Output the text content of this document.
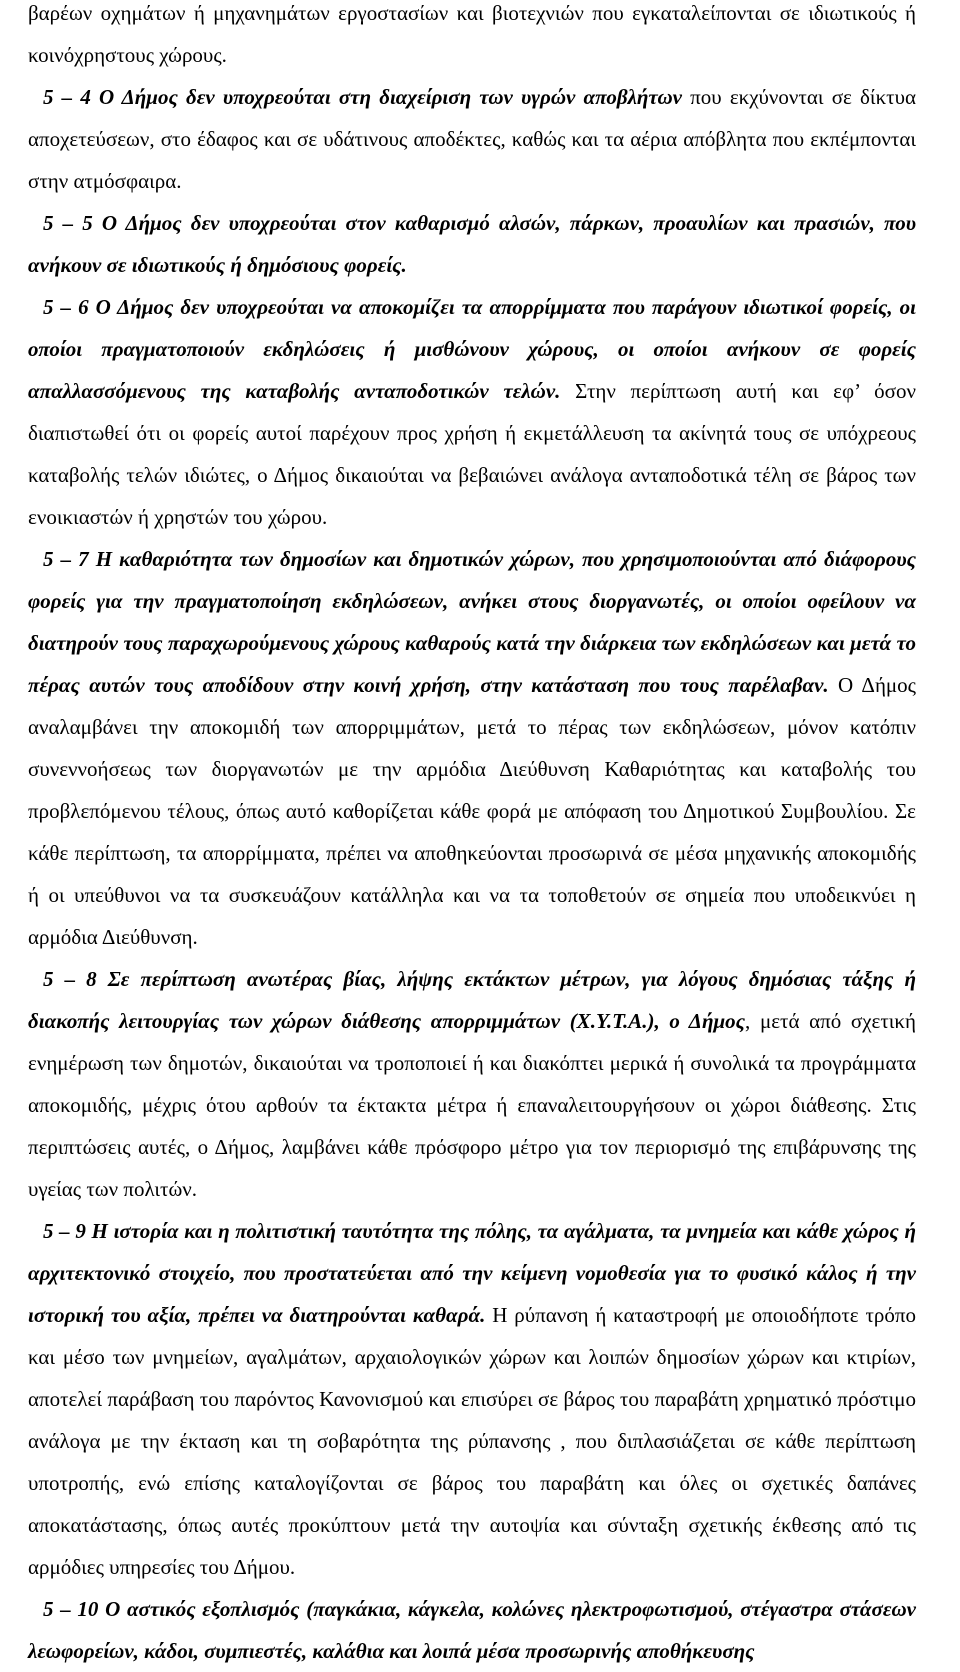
βαρέων οχημάτων ή μηχανημάτων εργοστασίων και βιοτεχνιών που εγκαταλείπονται σε ιδιωτικούς ή κοινόχρηστους χώρους.

5 – 4 Ο Δήμος δεν υποχρεούται στη διαχείριση των υγρών αποβλήτων που εκχύνονται σε δίκτυα αποχετεύσεων, στο έδαφος και σε υδάτινους αποδέκτες, καθώς και τα αέρια απόβλητα που εκπέμπονται στην ατμόσφαιρα.

5 – 5 Ο Δήμος δεν υποχρεούται στον καθαρισμό αλσών, πάρκων, προαυλίων και πρασιών, που ανήκουν σε ιδιωτικούς ή δημόσιους φορείς.

5 – 6 Ο Δήμος δεν υποχρεούται να αποκομίζει τα απορρίμματα που παράγουν ιδιωτικοί φορείς, οι οποίοι πραγματοποιούν εκδηλώσεις ή μισθώνουν χώρους, οι οποίοι ανήκουν σε φορείς απαλλασσόμενους της καταβολής ανταποδοτικών τελών. Στην περίπτωση αυτή και εφ’ όσον διαπιστωθεί ότι οι φορείς αυτοί παρέχουν προς χρήση ή εκμετάλλευση τα ακίνητά τους σε υπόχρεους καταβολής τελών ιδιώτες, ο Δήμος δικαιούται να βεβαιώνει ανάλογα ανταποδοτικά τέλη σε βάρος των ενοικιαστών ή χρηστών του χώρου.

5 – 7 Η καθαριότητα των δημοσίων και δημοτικών χώρων, που χρησιμοποιούνται από διάφορους φορείς για την πραγματοποίηση εκδηλώσεων, ανήκει στους διοργανωτές, οι οποίοι οφείλουν να διατηρούν τους παραχωρούμενους χώρους καθαρούς κατά την διάρκεια των εκδηλώσεων και μετά το πέρας αυτών τους αποδίδουν στην κοινή χρήση, στην κατάσταση που τους παρέλαβαν. Ο Δήμος αναλαμβάνει την αποκομιδή των απορριμμάτων, μετά το πέρας των εκδηλώσεων, μόνον κατόπιν συνεννοήσεως των διοργανωτών με την αρμόδια Διεύθυνση Καθαριότητας και καταβολής του προβλεπόμενου τέλους, όπως αυτό καθορίζεται κάθε φορά με απόφαση του Δημοτικού Συμβουλίου. Σε κάθε περίπτωση, τα απορρίμματα, πρέπει να αποθηκεύονται προσωρινά σε μέσα μηχανικής αποκομιδής ή οι υπεύθυνοι να τα συσκευάζουν κατάλληλα και να τα τοποθετούν σε σημεία που υποδεικνύει η αρμόδια Διεύθυνση.

5 – 8 Σε περίπτωση ανωτέρας βίας, λήψης εκτάκτων μέτρων, για λόγους δημόσιας τάξης ή διακοπής λειτουργίας των χώρων διάθεσης απορριμμάτων (Χ.Υ.Τ.Α.), ο Δήμος, μετά από σχετική ενημέρωση των δημοτών, δικαιούται να τροποποιεί ή και διακόπτει μερικά ή συνολικά τα προγράμματα αποκομιδής, μέχρις ότου αρθούν τα έκτακτα μέτρα ή επαναλειτουργήσουν οι χώροι διάθεσης. Στις περιπτώσεις αυτές, ο Δήμος, λαμβάνει κάθε πρόσφορο μέτρο για τον περιορισμό της επιβάρυνσης της υγείας των πολιτών.

5 – 9 Η ιστορία και η πολιτιστική ταυτότητα της πόλης, τα αγάλματα, τα μνημεία και κάθε χώρος ή αρχιτεκτονικό στοιχείο, που προστατεύεται από την κείμενη νομοθεσία για το φυσικό κάλος ή την ιστορική του αξία, πρέπει να διατηρούνται καθαρά. Η ρύπανση ή καταστροφή με οποιοδήποτε τρόπο και μέσο των μνημείων, αγαλμάτων, αρχαιολογικών χώρων και λοιπών δημοσίων χώρων και κτιρίων, αποτελεί παράβαση του παρόντος Κανονισμού και επισύρει σε βάρος του παραβάτη χρηματικό πρόστιμο ανάλογα με την έκταση και τη σοβαρότητα της ρύπανσης , που διπλασιάζεται σε κάθε περίπτωση υποτροπής, ενώ επίσης καταλογίζονται σε βάρος του παραβάτη και όλες οι σχετικές δαπάνες αποκατάστασης, όπως αυτές προκύπτουν μετά την αυτοψία και σύνταξη σχετικής έκθεσης από τις αρμόδιες υπηρεσίες του Δήμου.

5 – 10 Ο αστικός εξοπλισμός (παγκάκια, κάγκελα, κολώνες ηλεκτροφωτισμού, στέγαστρα στάσεων λεωφορείων, κάδοι, συμπιεστές, καλάθια και λοιπά μέσα προσωρινής αποθήκευσης
